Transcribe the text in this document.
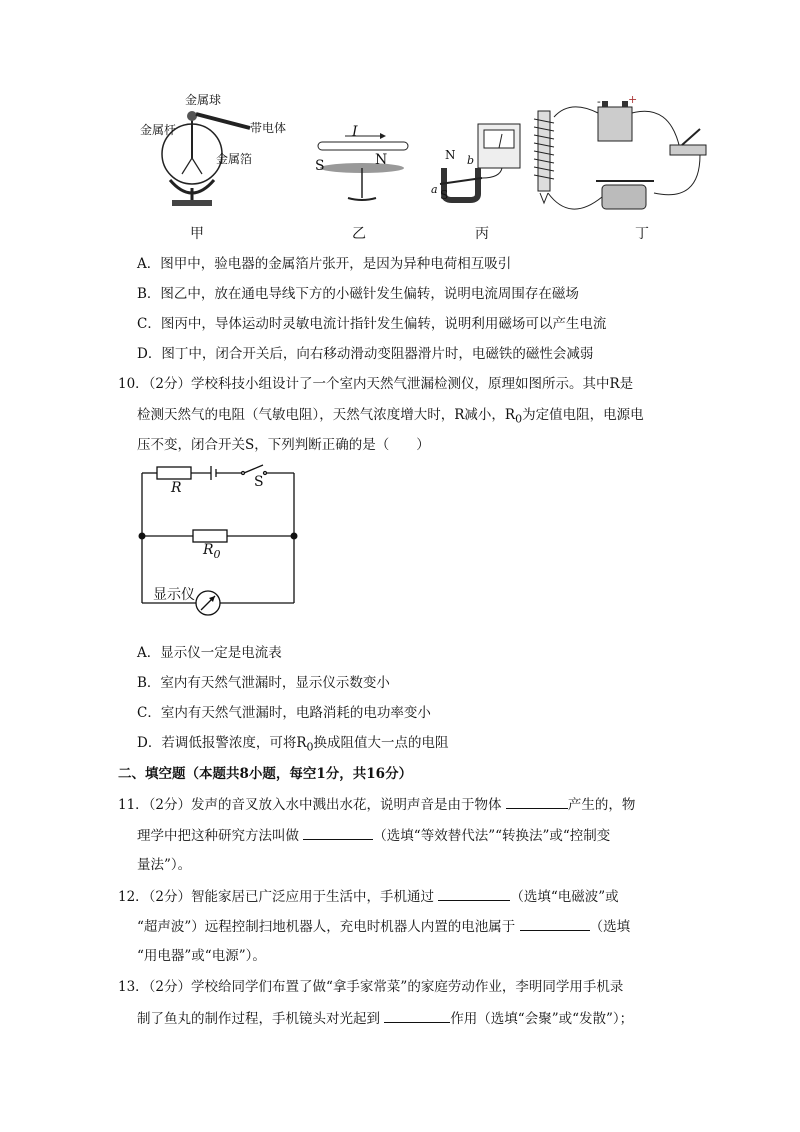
金属球
金属杆	带电体
金属箔
甲
I
S	N
乙
N
S
a
b
丙
- +
丁
A．图甲中，验电器的金属箔片张开，是因为异种电荷相互吸引
B．图乙中，放在通电导线下方的小磁针发生偏转，说明电流周围存在磁场
C．图丙中，导体运动时灵敏电流计指针发生偏转，说明利用磁场可以产生电流
D．图丁中，闭合开关后，向右移动滑动变阻器滑片时，电磁铁的磁性会减弱
10．（2分）学校科技小组设计了一个室内天然气泄漏检测仪，原理如图所示。其中R是
检测天然气的电阻（气敏电阻），天然气浓度增大时，R减小，$R_0$为定值电阻，电源电
压不变，闭合开关S，下列判断正确的是（　　）
R	S
$R_0$
显示仪
A．显示仪一定是电流表
B．室内有天然气泄漏时，显示仪示数变小
C．室内有天然气泄漏时，电路消耗的电功率变小
D．若调低报警浓度，可将$R_0$换成阻值大一点的电阻
二、填空题（本题共8小题，每空1分，共16分）
11．（2分）发声的音叉放入水中溅出水花，说明声音是由于物体	产生的，物
理学中把这种研究方法叫做	（选填“等效替代法”“转换法”或“控制变
量法”）。
12．（2分）智能家居已广泛应用于生活中，手机通过	（选填“电磁波”或
“超声波”）远程控制扫地机器人，充电时机器人内置的电池属于	（选填
“用电器”或“电源”）。
13．（2分）学校给同学们布置了做“拿手家常菜”的家庭劳动作业，李明同学用手机录
制了鱼丸的制作过程，手机镜头对光起到	作用（选填“会聚”或“发散”）；
